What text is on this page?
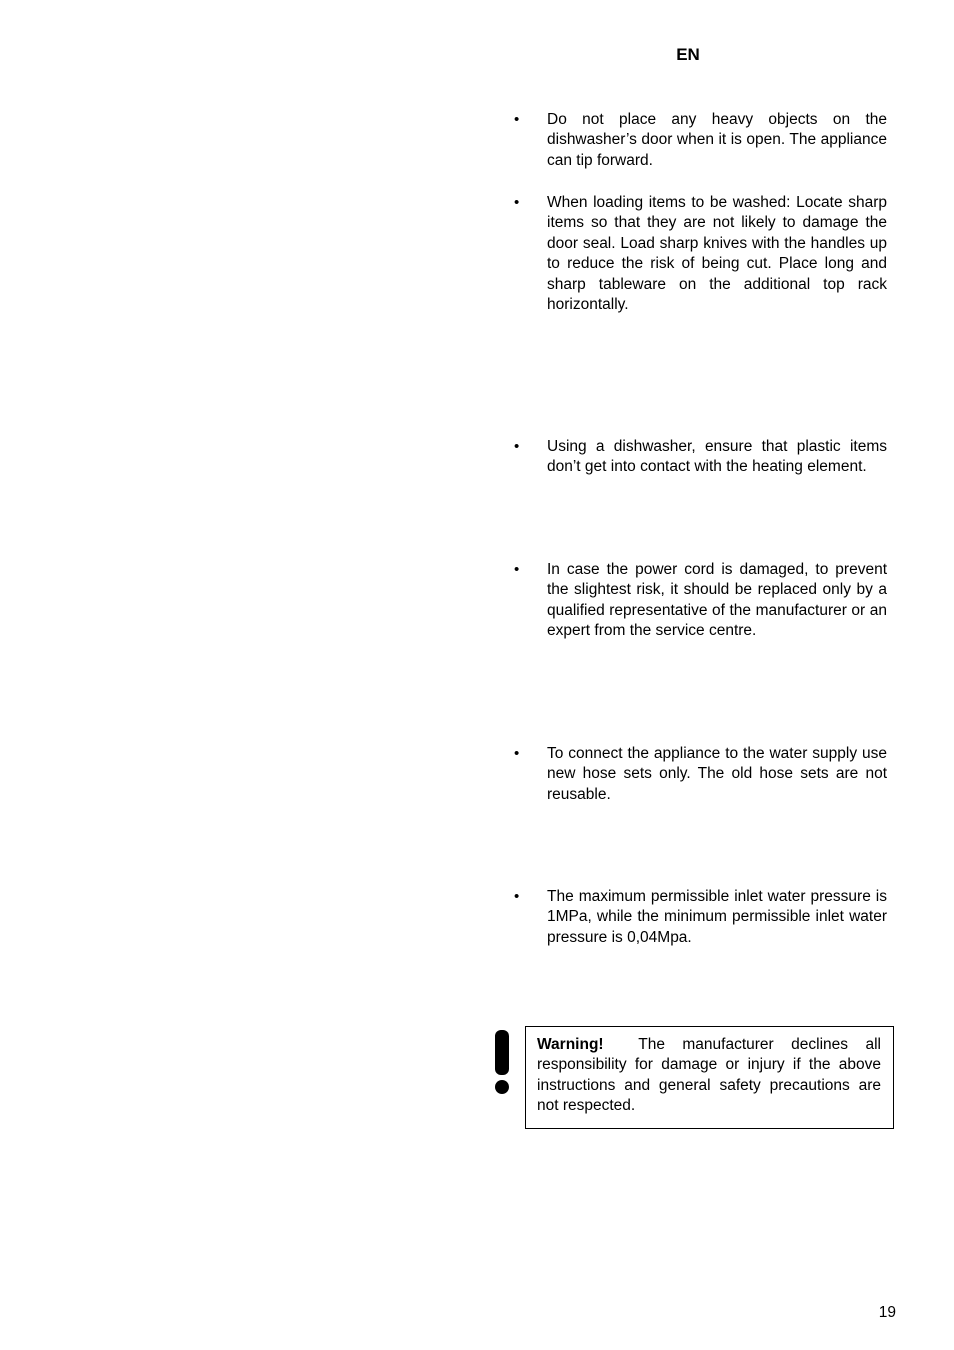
EN
• Do not place any heavy objects on the dishwasher’s door when it is open. The appliance can tip forward.
• When loading items to be washed: Locate sharp items so that they are not likely to damage the door seal. Load sharp knives with the handles up to reduce the risk of being cut. Place long and sharp tableware on the additional top rack horizontally.
• Using a dishwasher, ensure that plastic items don’t get into contact with the heating element.
• In case the power cord is damaged, to prevent the slightest risk, it should be replaced only by a qualified representative of the manufacturer or an expert from the service centre.
• To connect the appliance to the water supply use new hose sets only. The old hose sets are not reusable.
• The maximum permissible inlet water pressure is 1MPa, while the minimum permissible inlet water pressure is 0,04Mpa.
Warning! The manufacturer declines all responsibility for damage or injury if the above instructions and general safety precautions are not respected.
19
